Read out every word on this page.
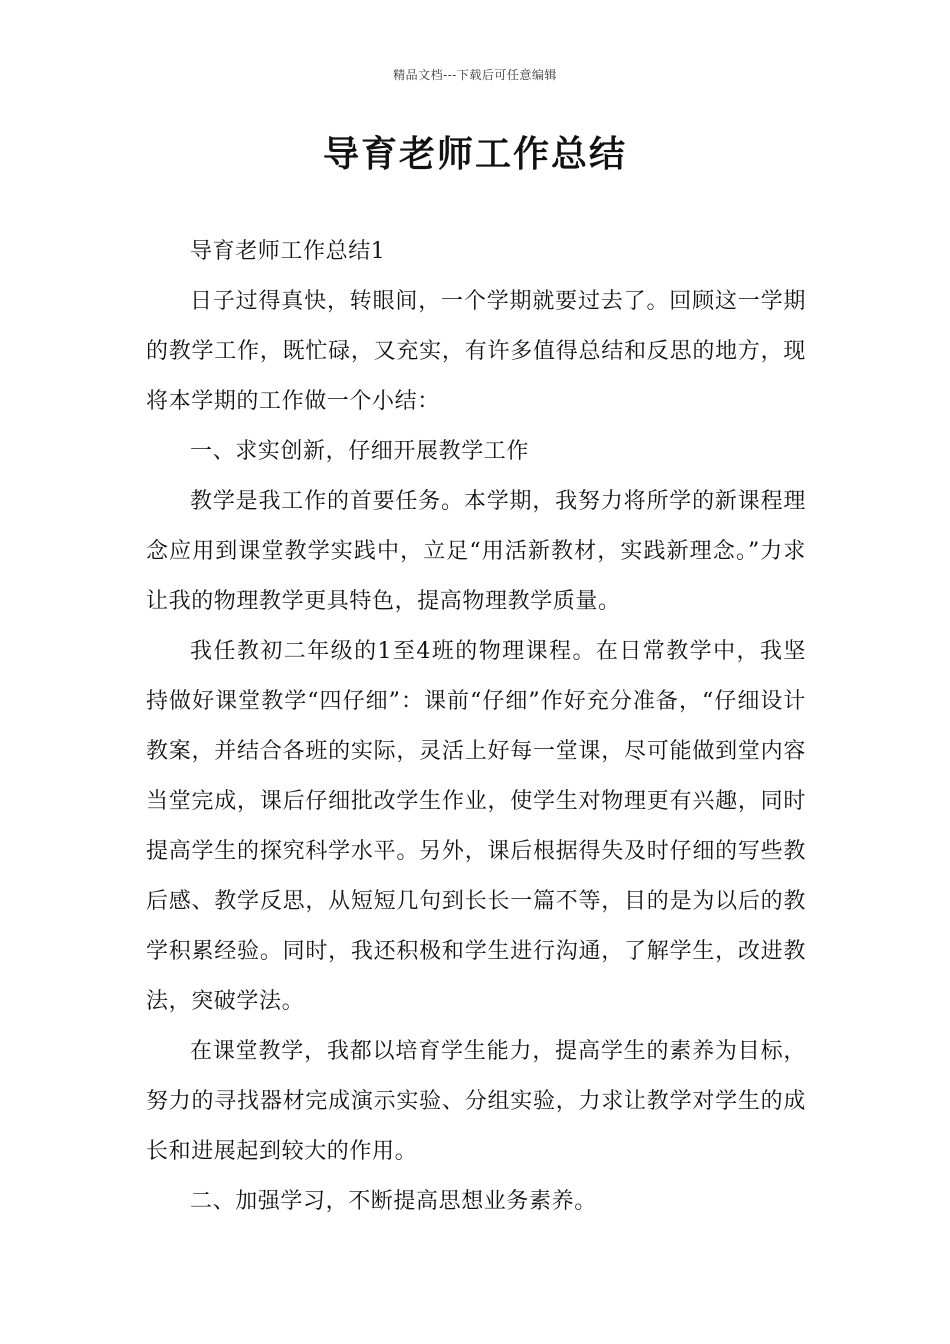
精品文档---下载后可任意编辑
导育老师工作总结

导育老师工作总结1

日子过得真快，转眼间，一个学期就要过去了。回顾这一学期的教学工作，既忙碌，又充实，有许多值得总结和反思的地方，现将本学期的工作做一个小结：

一、求实创新，仔细开展教学工作

教学是我工作的首要任务。本学期，我努力将所学的新课程理念应用到课堂教学实践中，立足“用活新教材，实践新理念。”力求让我的物理教学更具特色，提高物理教学质量。

我任教初二年级的1至4班的物理课程。在日常教学中，我坚持做好课堂教学“四仔细”：课前“仔细”作好充分准备，“仔细设计教案，并结合各班的实际，灵活上好每一堂课，尽可能做到堂内容当堂完成，课后仔细批改学生作业，使学生对物理更有兴趣，同时提高学生的探究科学水平。另外，课后根据得失及时仔细的写些教后感、教学反思，从短短几句到长长一篇不等，目的是为以后的教学积累经验。同时，我还积极和学生进行沟通，了解学生，改进教法，突破学法。

在课堂教学，我都以培育学生能力，提高学生的素养为目标，努力的寻找器材完成演示实验、分组实验，力求让教学对学生的成长和进展起到较大的作用。

二、加强学习，不断提高思想业务素养。
